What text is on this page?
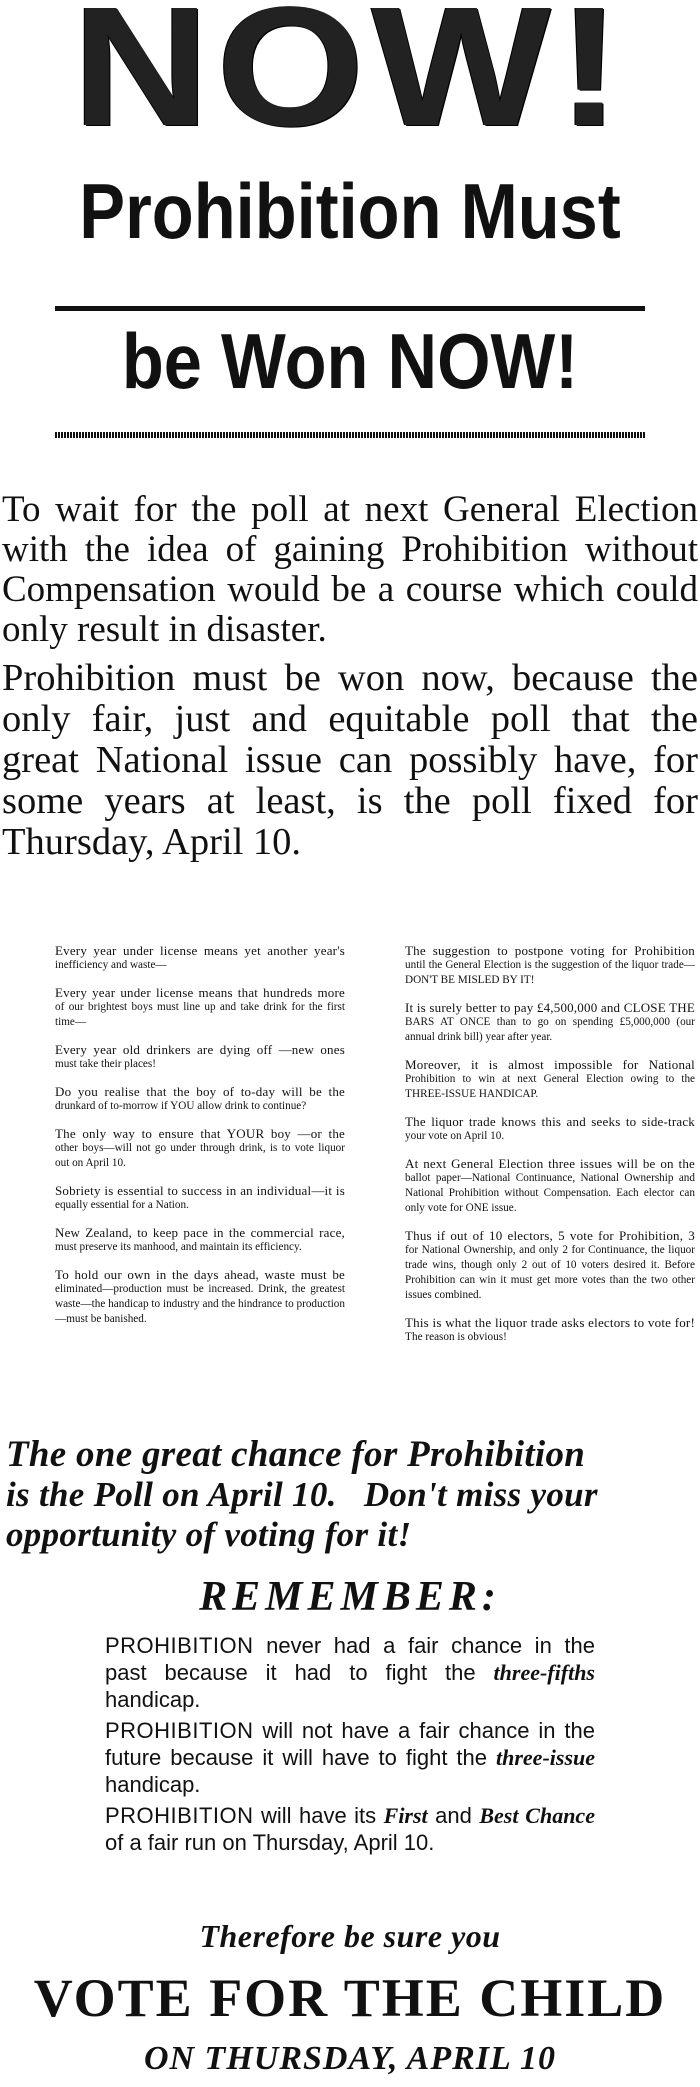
NOW!
Prohibition Must
be Won NOW!
To wait for the poll at next General Election with the idea of gaining Prohibition without Compensation would be a course which could only result in disaster.
Prohibition must be won now, because the only fair, just and equitable poll that the great National issue can possibly have, for some years at least, is the poll fixed for Thursday, April 10.

Every year under license means yet another year's inefficiency and waste—

Every year under license means that hundreds more of our brightest boys must line up and take drink for the first time—

Every year old drinkers are dying off —new ones must take their places!

Do you realise that the boy of to-day will be the drunkard of to-morrow if YOU allow drink to continue?

The only way to ensure that YOUR boy —or the other boys—will not go under through drink, is to vote liquor out on April 10.

Sobriety is essential to success in an individual—it is equally essential for a Nation.

New Zealand, to keep pace in the commercial race, must preserve its manhood, and maintain its efficiency.

To hold our own in the days ahead, waste must be eliminated—production must be increased. Drink, the greatest waste—the handicap to industry and the hindrance to production—must be banished.

The suggestion to postpone voting for Prohibition until the General Election is the suggestion of the liquor trade—DON'T BE MISLED BY IT!

It is surely better to pay £4,500,000 and CLOSE THE BARS AT ONCE than to go on spending £5,000,000 (our annual drink bill) year after year.

Moreover, it is almost impossible for National Prohibition to win at next General Election owing to the THREE-ISSUE HANDICAP.

The liquor trade knows this and seeks to side-track your vote on April 10.

At next General Election three issues will be on the ballot paper—National Continuance, National Ownership and National Prohibition without Compensation. Each elector can only vote for ONE issue.

Thus if out of 10 electors, 5 vote for Prohibition, 3 for National Ownership, and only 2 for Continuance, the liquor trade wins, though only 2 out of 10 voters desired it. Before Prohibition can win it must get more votes than the two other issues combined.

This is what the liquor trade asks electors to vote for! The reason is obvious!

The one great chance for Prohibition
is the Poll on April 10.   Don't miss your
opportunity of voting for it!
REMEMBER:
PROHIBITION never had a fair chance in the past because it had to fight the three-fifths handicap.
PROHIBITION will not have a fair chance in the future because it will have to fight the three-issue handicap.
PROHIBITION will have its First and Best Chance of a fair run on Thursday, April 10.
Therefore be sure you
VOTE FOR THE CHILD
ON THURSDAY, APRIL 10
